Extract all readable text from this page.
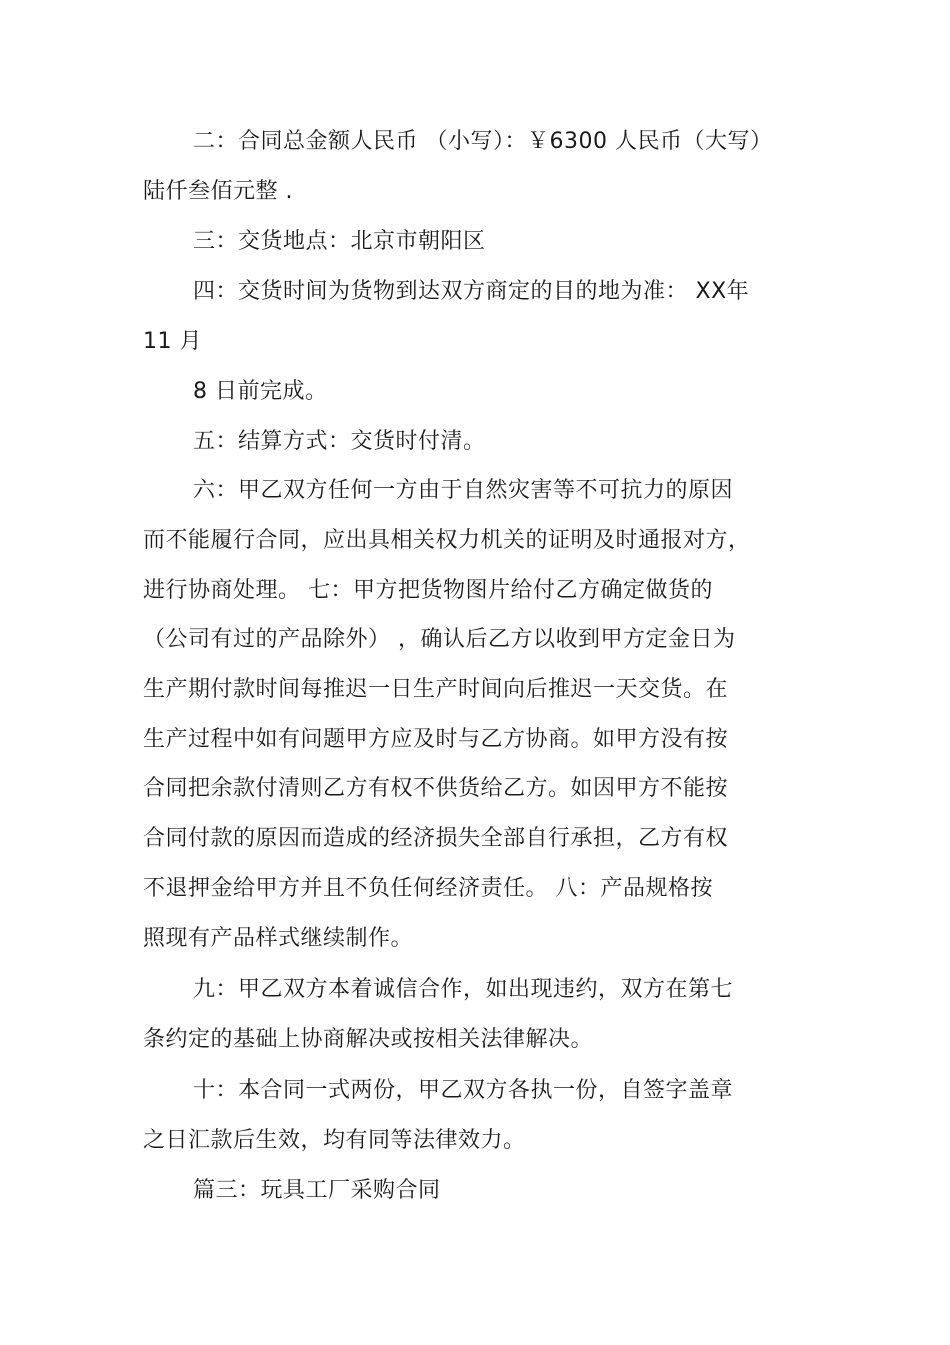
二：合同总金额人民币 （小写）：￥6300 人民币（大写）
陆仟叁佰元整 .
三：交货地点：北京市朝阳区
四：交货时间为货物到达双方商定的目的地为准： XX年
11 月
8 日前完成。
五：结算方式：交货时付清。
六：甲乙双方任何一方由于自然灾害等不可抗力的原因
而不能履行合同，应出具相关权力机关的证明及时通报对方，
进行协商处理。 七：甲方把货物图片给付乙方确定做货的
（公司有过的产品除外） ，确认后乙方以收到甲方定金日为
生产期付款时间每推迟一日生产时间向后推迟一天交货。在
生产过程中如有问题甲方应及时与乙方协商。如甲方没有按
合同把余款付清则乙方有权不供货给乙方。如因甲方不能按
合同付款的原因而造成的经济损失全部自行承担，乙方有权
不退押金给甲方并且不负任何经济责任。 八：产品规格按
照现有产品样式继续制作。
九：甲乙双方本着诚信合作，如出现违约，双方在第七
条约定的基础上协商解决或按相关法律解决。
十：本合同一式两份，甲乙双方各执一份，自签字盖章
之日汇款后生效，均有同等法律效力。
篇三：玩具工厂采购合同
